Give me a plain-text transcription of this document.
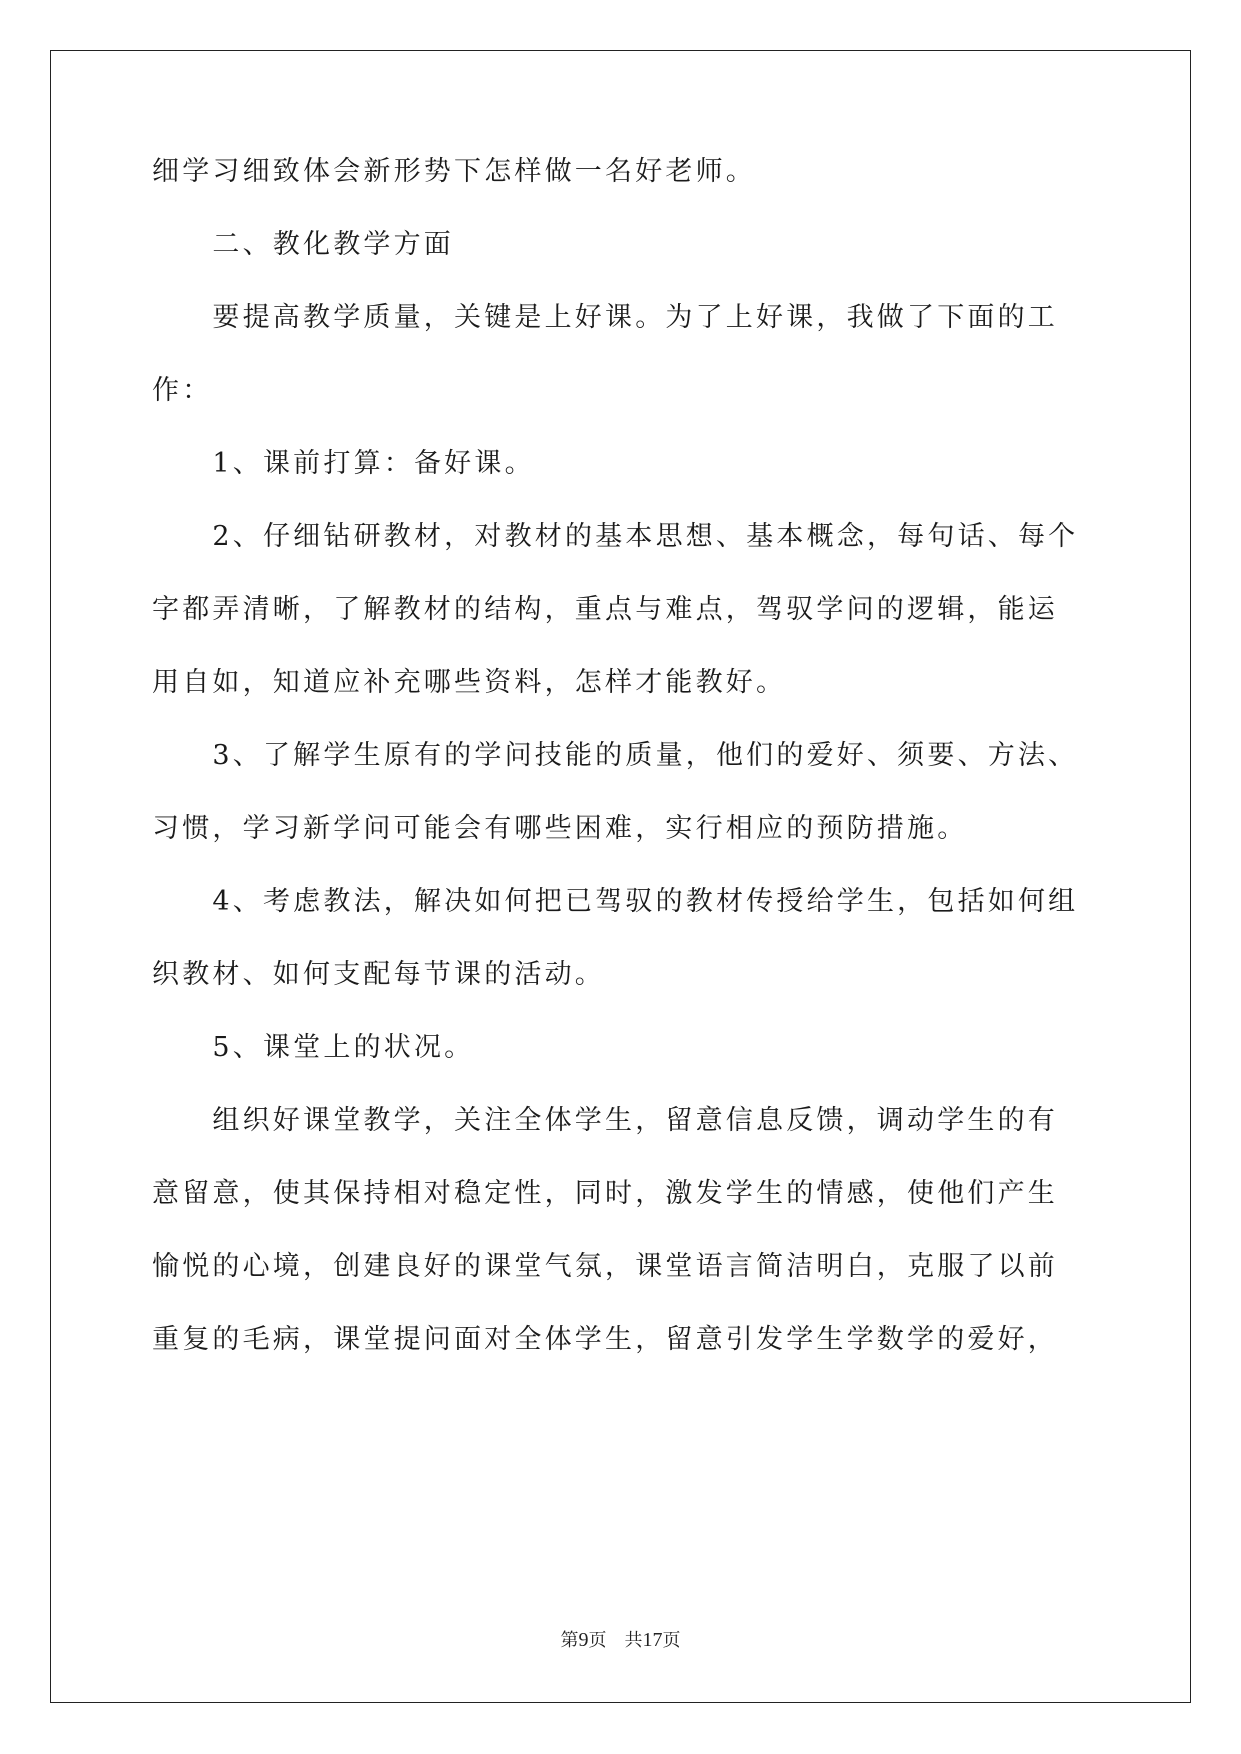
细学习细致体会新形势下怎样做一名好老师。
　　二、教化教学方面
　　要提高教学质量，关键是上好课。为了上好课，我做了下面的工
作：
　　1、课前打算：备好课。
　　2、仔细钻研教材，对教材的基本思想、基本概念，每句话、每个
字都弄清晰，了解教材的结构，重点与难点，驾驭学问的逻辑，能运
用自如，知道应补充哪些资料，怎样才能教好。
　　3、了解学生原有的学问技能的质量，他们的爱好、须要、方法、
习惯，学习新学问可能会有哪些困难，实行相应的预防措施。
　　4、考虑教法，解决如何把已驾驭的教材传授给学生，包括如何组
织教材、如何支配每节课的活动。
　　5、课堂上的状况。
　　组织好课堂教学，关注全体学生，留意信息反馈，调动学生的有
意留意，使其保持相对稳定性，同时，激发学生的情感，使他们产生
愉悦的心境，创建良好的课堂气氛，课堂语言简洁明白，克服了以前
重复的毛病，课堂提问面对全体学生，留意引发学生学数学的爱好，
第9页　共17页
